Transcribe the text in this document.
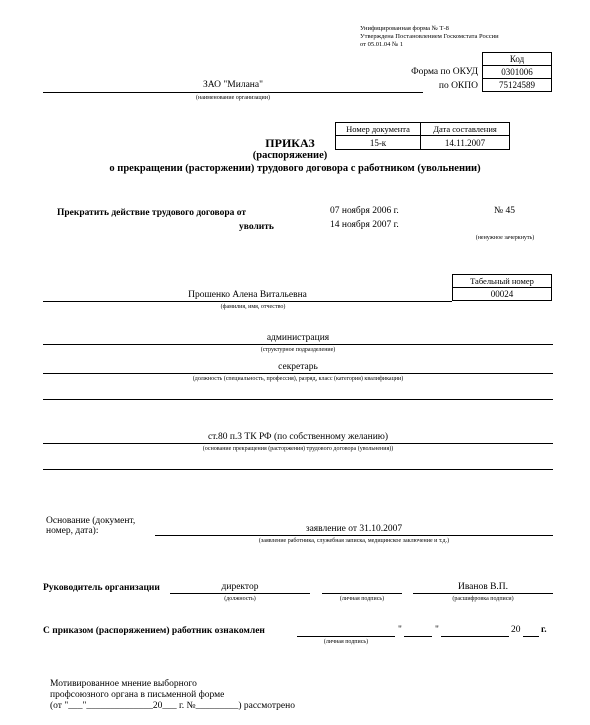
Унифицированная форма № Т-8
Утверждена Постановлением Госкомстата России
от 05.01.04 № 1
Код
Форма по ОКУД	0301006
по ОКПО 75124589
ЗАО "Милана"
(наименование организации)
Номер документа	Дата составления
15-к	14.11.2007
ПРИКАЗ
(распоряжение)
о прекращении (расторжении) трудового договора с работником (увольнении)
Прекратить действие трудового договора от	07 ноября 2006 г.	№ 45
уволить	14 ноября 2007 г.
(ненужное зачеркнуть)
Табельный номер
00024
Прошенко Алена Витальевна
(фамилия, имя, отчество)
администрация
(структурное подразделение)
секретарь
(должность (специальность, профессия), разряд, класс (категория) квалификации)
ст.80 п.3 ТК РФ (по собственному желанию)
(основание прекращения (расторжения) трудового договора (увольнения))
Основание (документ,
номер, дата):	заявление от 31.10.2007
(заявление работника, служебная записка, медицинское заключение и т.д.)
Руководитель организации	директор
(должность)	(личная подпись)
Иванов В.П.
(расшифровка подписи)
С приказом (распоряжением) работник ознакомлен	"	"	20 г.
(личная подпись)
Мотивированное мнение выборного
профсоюзного органа в письменной форме
(от "___"______________20___ г. №_________) рассмотрено
